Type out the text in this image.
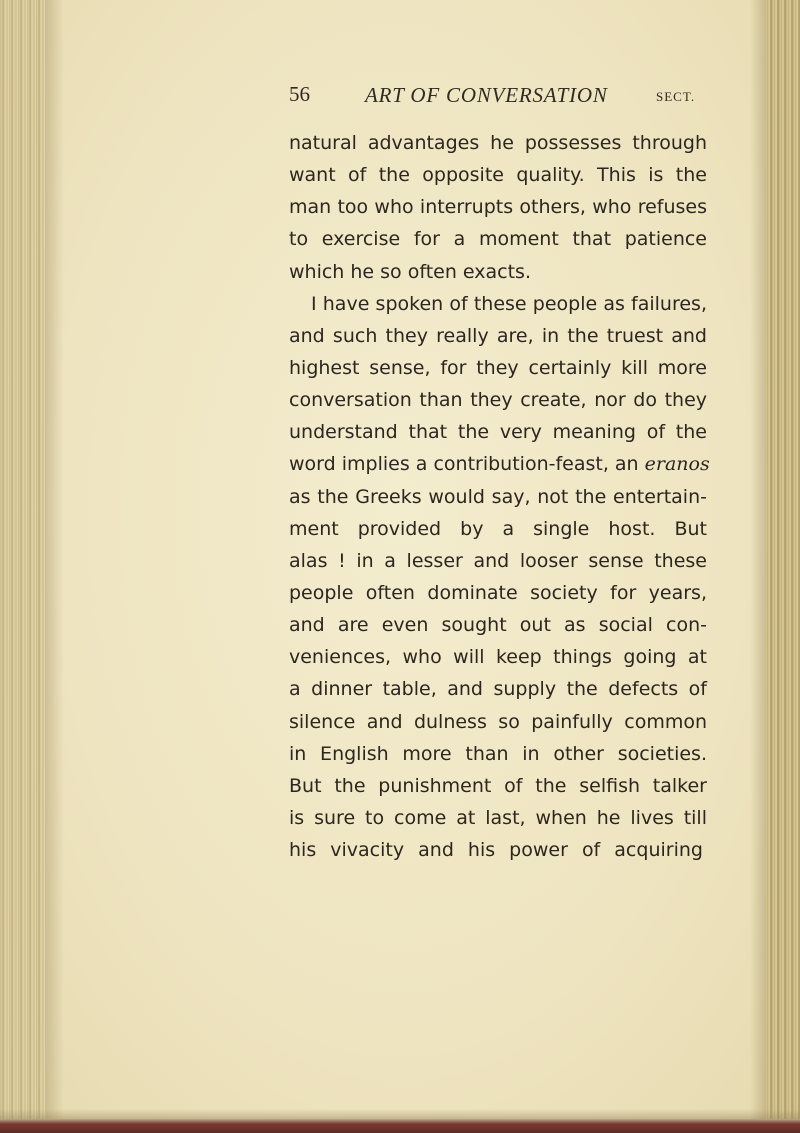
56	ART OF CONVERSATION	SECT.
natural advantages he possesses through
want of the opposite quality. This is the
man too who interrupts others, who refuses
to exercise for a moment that patience
which he so often exacts.
I have spoken of these people as failures,
and such they really are, in the truest and
highest sense, for they certainly kill more
conversation than they create, nor do they
understand that the very meaning of the
word implies a contribution-feast, an eranos
as the Greeks would say, not the entertain-
ment provided by a single host. But
alas ! in a lesser and looser sense these
people often dominate society for years,
and are even sought out as social con-
veniences, who will keep things going at
a dinner table, and supply the defects of
silence and dulness so painfully common
in English more than in other societies.
But the punishment of the selfish talker
is sure to come at last, when he lives till
his vivacity and his power of acquiring
